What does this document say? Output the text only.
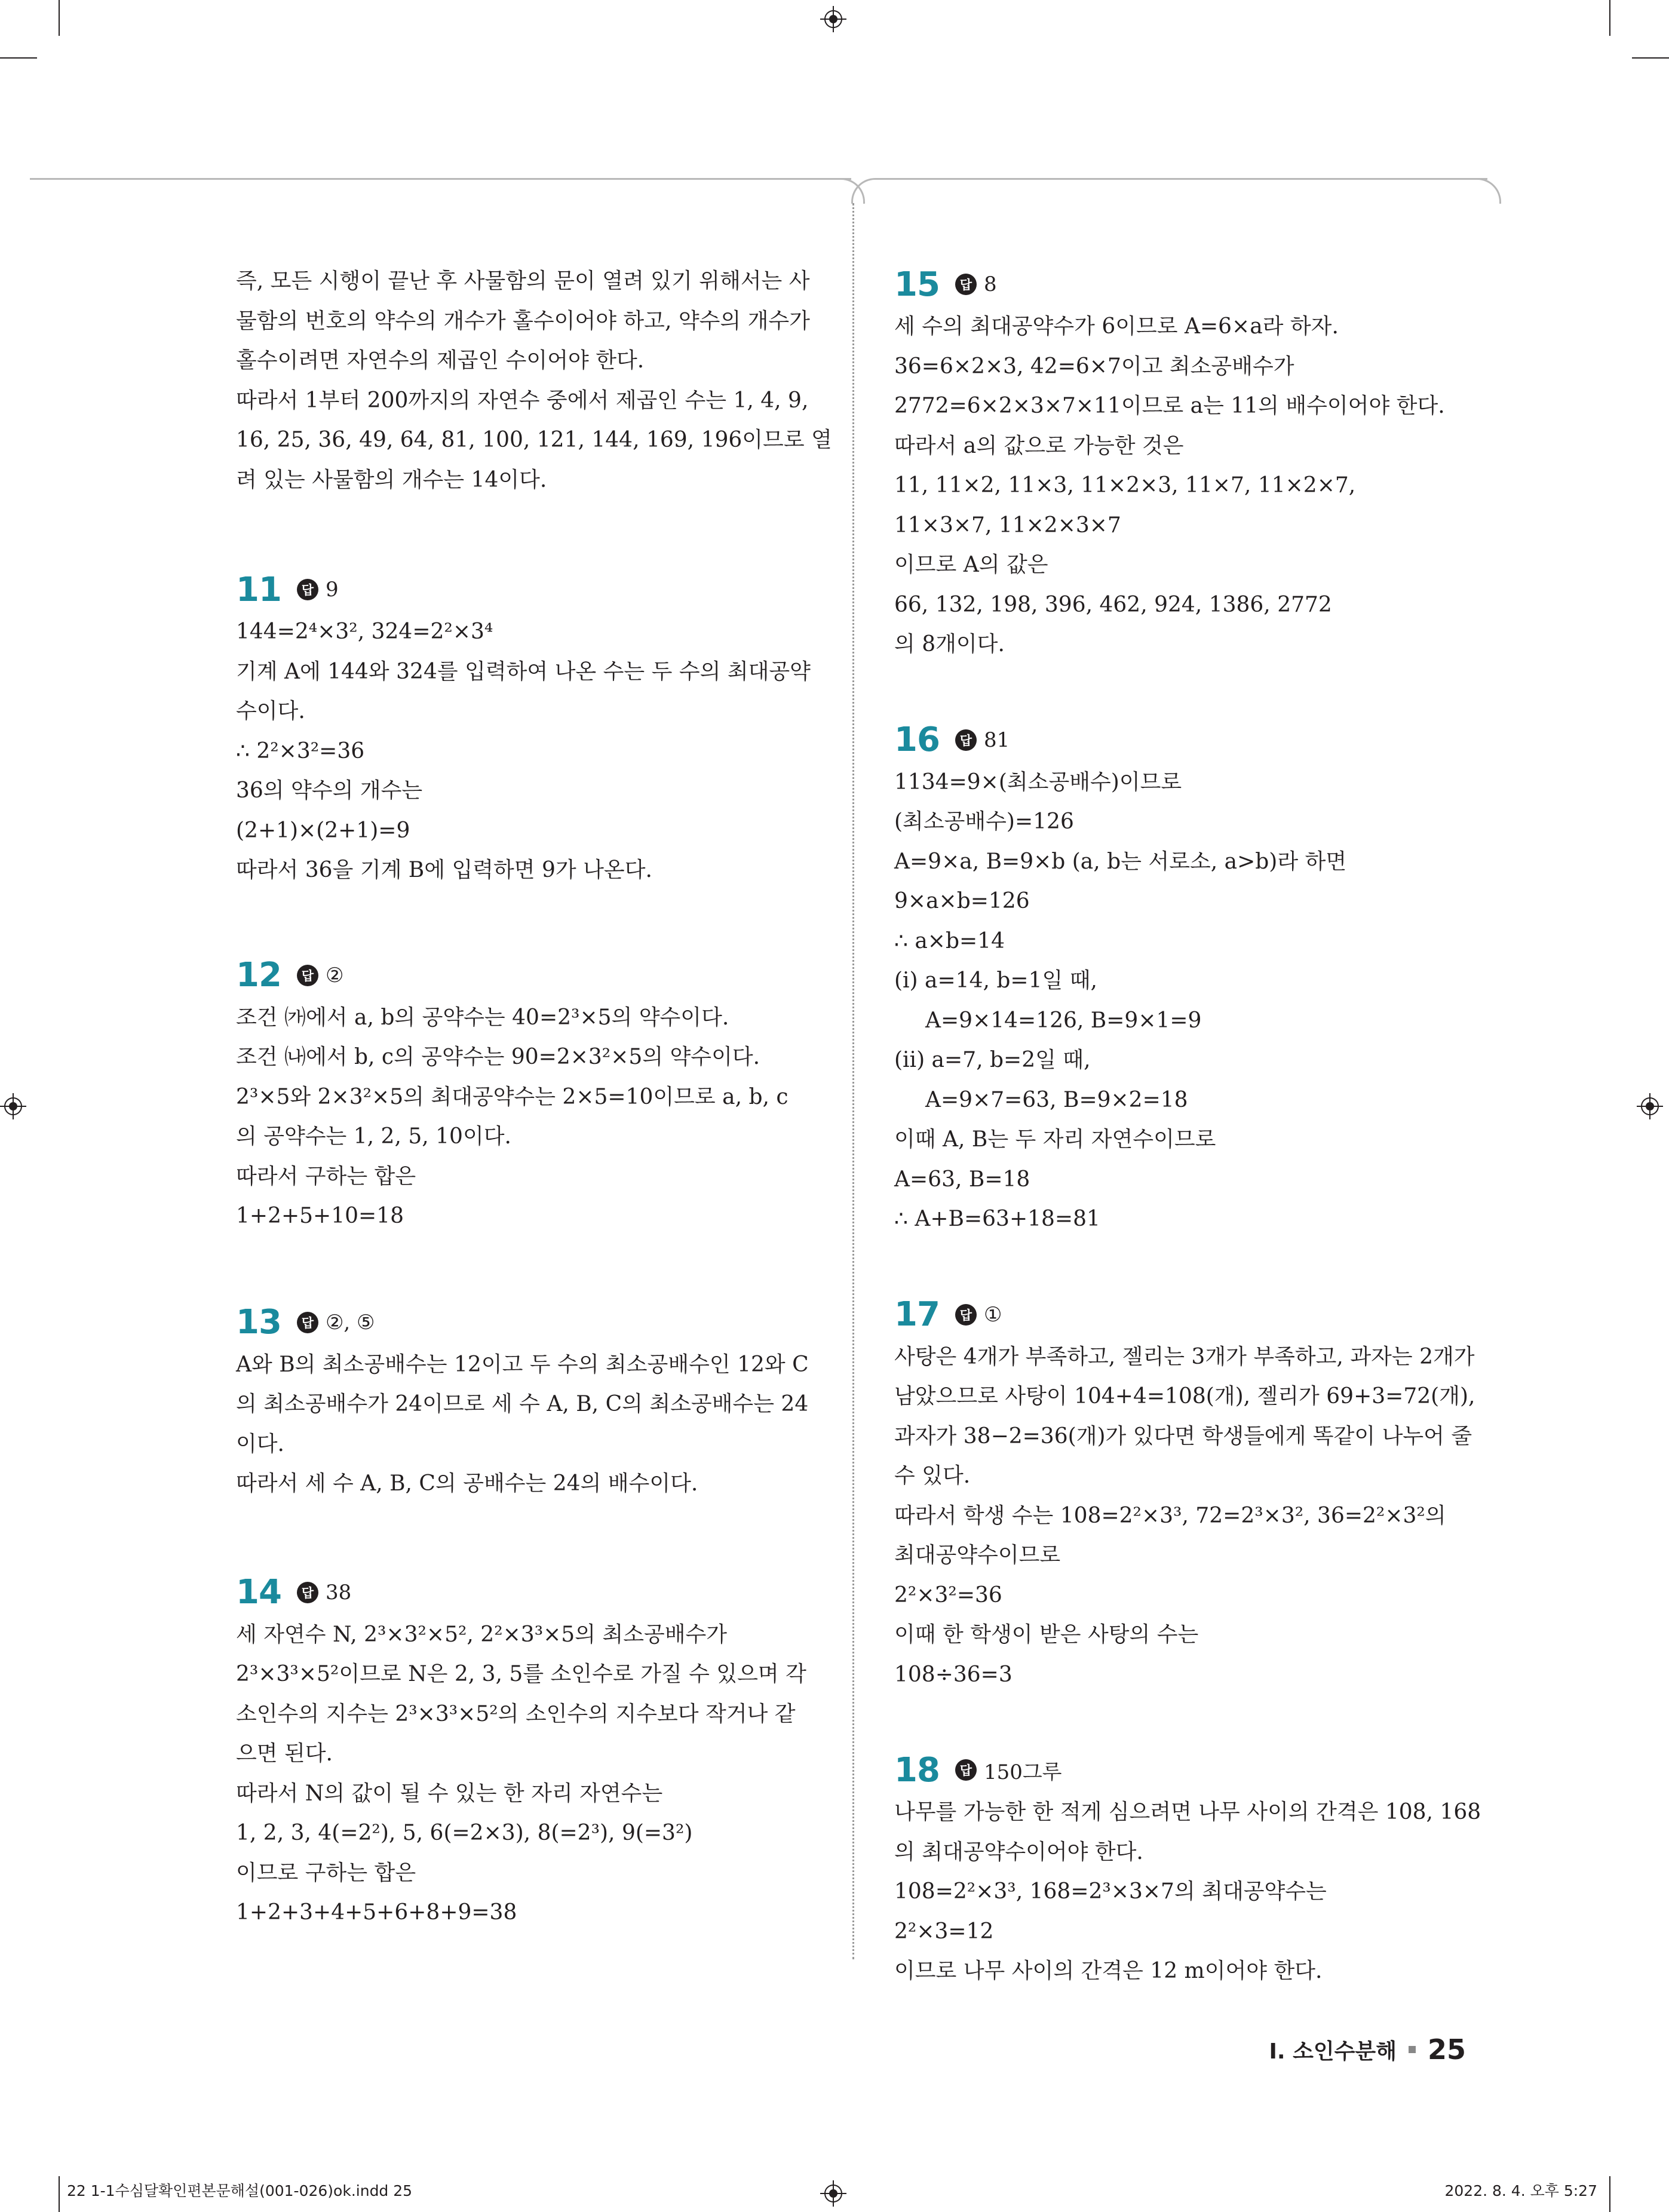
즉, 모든 시행이 끝난 후 사물함의 문이 열려 있기 위해서는 사
물함의 번호의 약수의 개수가 홀수이어야 하고, 약수의 개수가
홀수이려면 자연수의 제곱인 수이어야 한다.
따라서 1부터 200까지의 자연수 중에서 제곱인 수는 1, 4, 9,
16, 25, 36, 49, 64, 81, 100, 121, 144, 169, 196이므로 열
려 있는 사물함의 개수는 14이다.
11	답 9
144=2⁴×3², 324=2²×3⁴
기계 A에 144와 324를 입력하여 나온 수는 두 수의 최대공약
수이다.
∴ 2²×3²=36
36의 약수의 개수는
(2+1)×(2+1)=9
따라서 36을 기계 B에 입력하면 9가 나온다.
12	답 ②
조건 ㈎에서 a, b의 공약수는 40=2³×5의 약수이다.
조건 ㈏에서 b, c의 공약수는 90=2×3²×5의 약수이다.
2³×5와 2×3²×5의 최대공약수는 2×5=10이므로 a, b, c
의 공약수는 1, 2, 5, 10이다.
따라서 구하는 합은
1+2+5+10=18
13	답 ②, ⑤
A와 B의 최소공배수는 12이고 두 수의 최소공배수인 12와 C
의 최소공배수가 24이므로 세 수 A, B, C의 최소공배수는 24
이다.
따라서 세 수 A, B, C의 공배수는 24의 배수이다.
14	답 38
세 자연수 N, 2³×3²×5², 2²×3³×5의 최소공배수가
2³×3³×5²이므로 N은 2, 3, 5를 소인수로 가질 수 있으며 각
소인수의 지수는 2³×3³×5²의 소인수의 지수보다 작거나 같
으면 된다.
따라서 N의 값이 될 수 있는 한 자리 자연수는
1, 2, 3, 4(=2²), 5, 6(=2×3), 8(=2³), 9(=3²)
이므로 구하는 합은
1+2+3+4+5+6+8+9=38
15	답 8
세 수의 최대공약수가 6이므로 A=6×a라 하자.
36=6×2×3, 42=6×7이고 최소공배수가
2772=6×2×3×7×11이므로 a는 11의 배수이어야 한다.
따라서 a의 값으로 가능한 것은
11, 11×2, 11×3, 11×2×3, 11×7, 11×2×7,
11×3×7, 11×2×3×7
이므로 A의 값은
66, 132, 198, 396, 462, 924, 1386, 2772
의 8개이다.
16	답 81
1134=9×(최소공배수)이므로
(최소공배수)=126
A=9×a, B=9×b (a, b는 서로소, a>b)라 하면
9×a×b=126
∴ a×b=14
(ⅰ) a=14, b=1일 때,
A=9×14=126, B=9×1=9
(ⅱ) a=7, b=2일 때,
A=9×7=63, B=9×2=18
이때 A, B는 두 자리 자연수이므로
A=63, B=18
∴ A+B=63+18=81
17	답 ①
사탕은 4개가 부족하고, 젤리는 3개가 부족하고, 과자는 2개가
남았으므로 사탕이 104+4=108(개), 젤리가 69+3=72(개),
과자가 38−2=36(개)가 있다면 학생들에게 똑같이 나누어 줄
수 있다.
따라서 학생 수는 108=2²×3³, 72=2³×3², 36=2²×3²의
최대공약수이므로
2²×3²=36
이때 한 학생이 받은 사탕의 수는
108÷36=3
18	답 150그루
나무를 가능한 한 적게 심으려면 나무 사이의 간격은 108, 168
의 최대공약수이어야 한다.
108=2²×3³, 168=2³×3×7의 최대공약수는
2²×3=12
이므로 나무 사이의 간격은 12 m이어야 한다.
I. 소인수분해 25
22 1-1수심달확인편본문해설(001-026)ok.indd 25	2022. 8. 4. 오후 5:27
